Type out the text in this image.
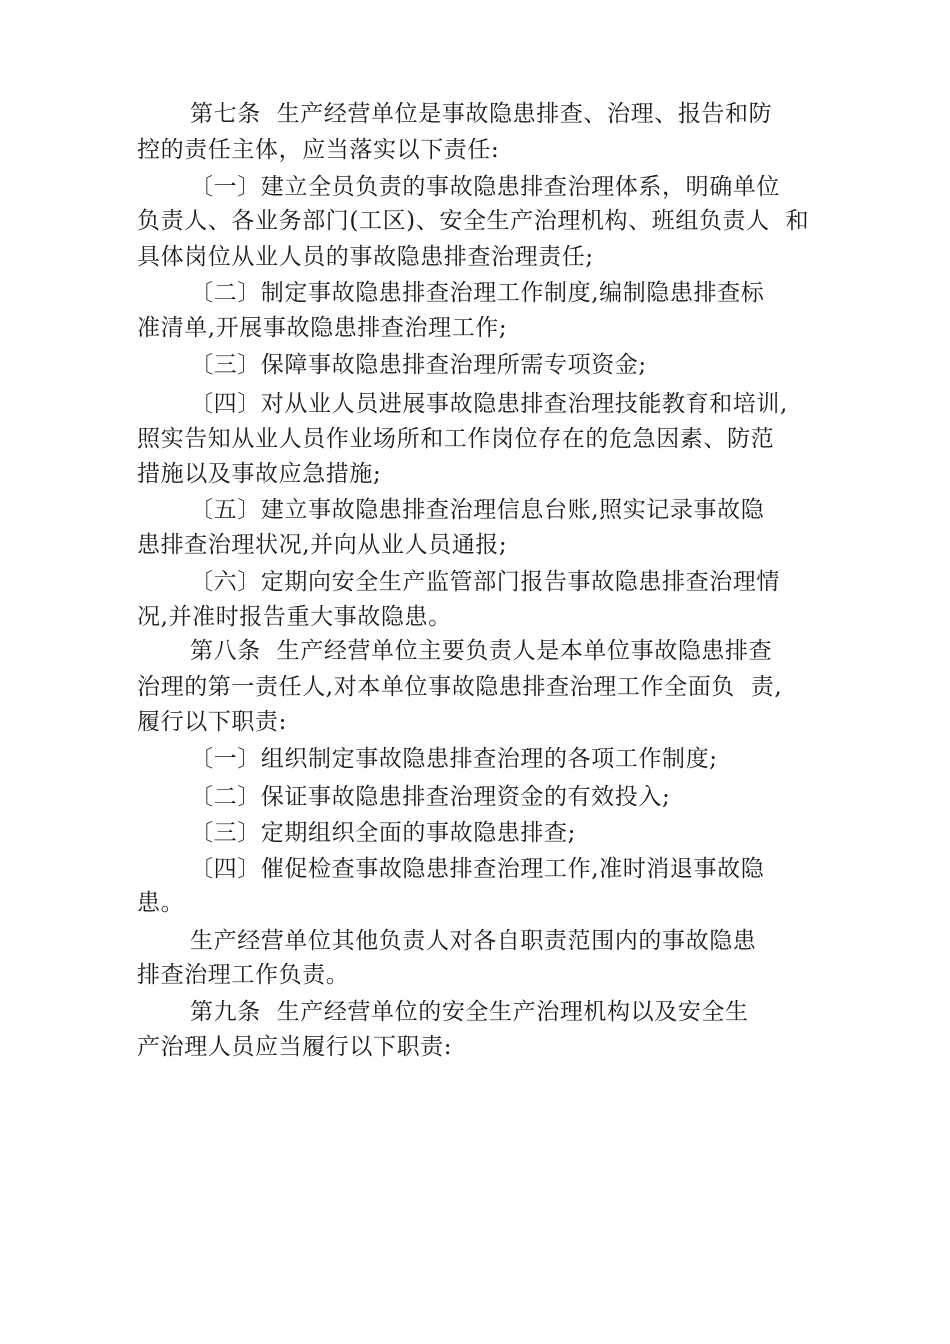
第七条  生产经营单位是事故隐患排查、治理、报告和防
控的责任主体，应当落实以下责任:
〔一〕建立全员负责的事故隐患排查治理体系，明确单位
负责人、各业务部门(工区)、安全生产治理机构、班组负责人  和
具体岗位从业人员的事故隐患排查治理责任;
〔二〕制定事故隐患排查治理工作制度,编制隐患排查标
准清单,开展事故隐患排查治理工作;
〔三〕保障事故隐患排查治理所需专项资金;
〔四〕对从业人员进展事故隐患排查治理技能教育和培训,
照实告知从业人员作业场所和工作岗位存在的危急因素、防范
措施以及事故应急措施;
〔五〕建立事故隐患排查治理信息台账,照实记录事故隐
患排查治理状况,并向从业人员通报;
〔六〕定期向安全生产监管部门报告事故隐患排查治理情
况,并准时报告重大事故隐患。
第八条  生产经营单位主要负责人是本单位事故隐患排查
治理的第一责任人,对本单位事故隐患排查治理工作全面负  责,
履行以下职责:
〔一〕组织制定事故隐患排查治理的各项工作制度;
〔二〕保证事故隐患排查治理资金的有效投入;
〔三〕定期组织全面的事故隐患排查;
〔四〕催促检查事故隐患排查治理工作,准时消退事故隐
患。
生产经营单位其他负责人对各自职责范围内的事故隐患
排查治理工作负责。
第九条  生产经营单位的安全生产治理机构以及安全生
产治理人员应当履行以下职责:
